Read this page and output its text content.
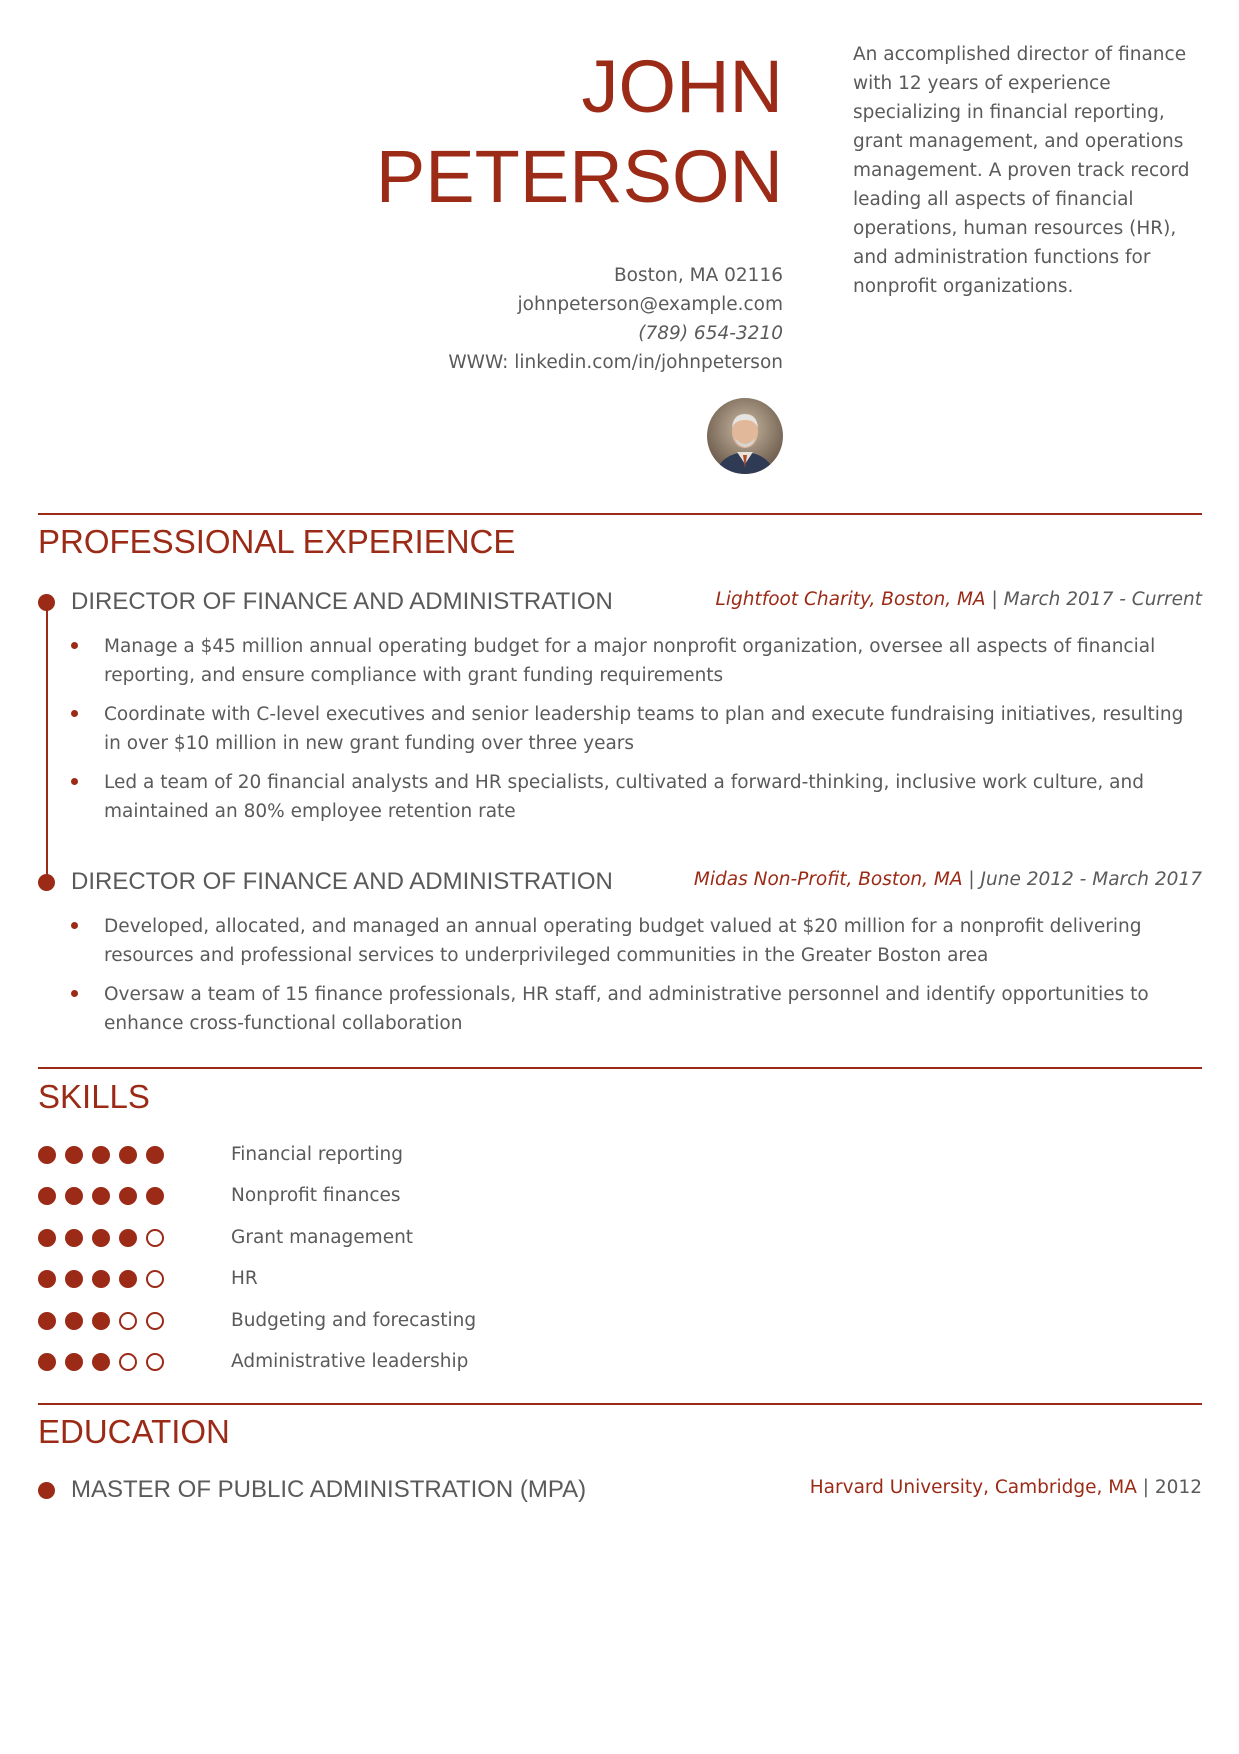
JOHN
PETERSON
Boston, MA 02116
johnpeterson@example.com
(789) 654-3210
WWW: linkedin.com/in/johnpeterson
An accomplished director of finance with 12 years of experience specializing in financial reporting, grant management, and operations management. A proven track record leading all aspects of financial operations, human resources (HR), and administration functions for nonprofit organizations.
PROFESSIONAL EXPERIENCE
DIRECTOR OF FINANCE AND ADMINISTRATION	Lightfoot Charity, Boston, MA | March 2017 - Current
Manage a $45 million annual operating budget for a major nonprofit organization, oversee all aspects of financial reporting, and ensure compliance with grant funding requirements
Coordinate with C-level executives and senior leadership teams to plan and execute fundraising initiatives, resulting in over $10 million in new grant funding over three years
Led a team of 20 financial analysts and HR specialists, cultivated a forward-thinking, inclusive work culture, and maintained an 80% employee retention rate
DIRECTOR OF FINANCE AND ADMINISTRATION	Midas Non-Profit, Boston, MA | June 2012 - March 2017
Developed, allocated, and managed an annual operating budget valued at $20 million for a nonprofit delivering resources and professional services to underprivileged communities in the Greater Boston area
Oversaw a team of 15 finance professionals, HR staff, and administrative personnel and identify opportunities to enhance cross-functional collaboration
SKILLS
Financial reporting
Nonprofit finances
Grant management
HR
Budgeting and forecasting
Administrative leadership
EDUCATION
MASTER OF PUBLIC ADMINISTRATION (MPA)	Harvard University, Cambridge, MA | 2012
